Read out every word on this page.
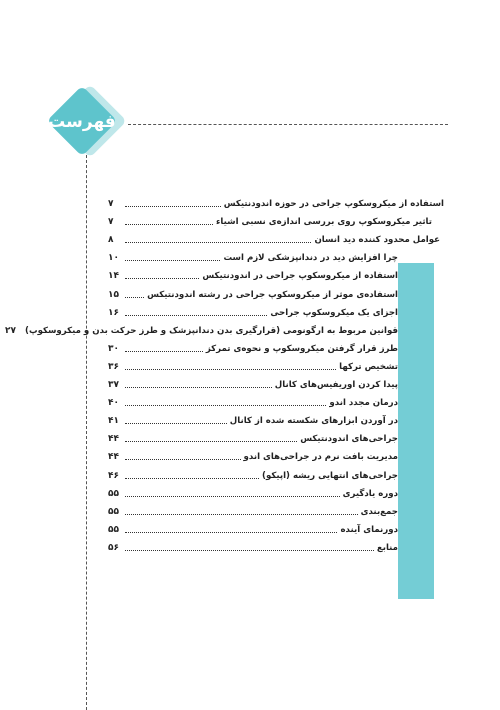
فهرست
استفاده از میکروسکوپ جراحی در حوزه اندودنتیکس
۷
تاثیر میکروسکوپ روی بررسی اندازه‌ی نسبی اشیاء
۷
عوامل محدود کننده دید انسان
۸
چرا افزایش دید در دندانپزشکی لازم است
۱۰
استفاده از میکروسکوپ جراحی در اندودنتیکس
۱۴
استفاده‌ی موثر از میکروسکوپ جراحی در رشته اندودنتیکس
۱۵
اجزای یک میکروسکوپ جراحی
۱۶
قوانین مربوط به ارگونومی (قرارگیری بدن دندانپزشک و طرز حرکت بدن و میکروسکوپ)
۲۷
طرز قرار گرفتن میکروسکوپ و نحوه‌ی تمرکز
۳۰
تشخیص ترکها
۳۶
پیدا کردن اوریفیس‌های کانال
۳۷
درمان مجدد اندو
۴۰
در آوردن ابزارهای شکسته شده از کانال
۴۱
جراحی‌های اندودنتیکس
۴۴
مدیریت بافت نرم در جراحی‌های اندو
۴۴
جراحی‌های انتهایی ریشه (اپیکو)
۴۶
دوره یادگیری
۵۵
جمع‌بندی
۵۵
دورنمای آینده
۵۵
منابع
۵۶
